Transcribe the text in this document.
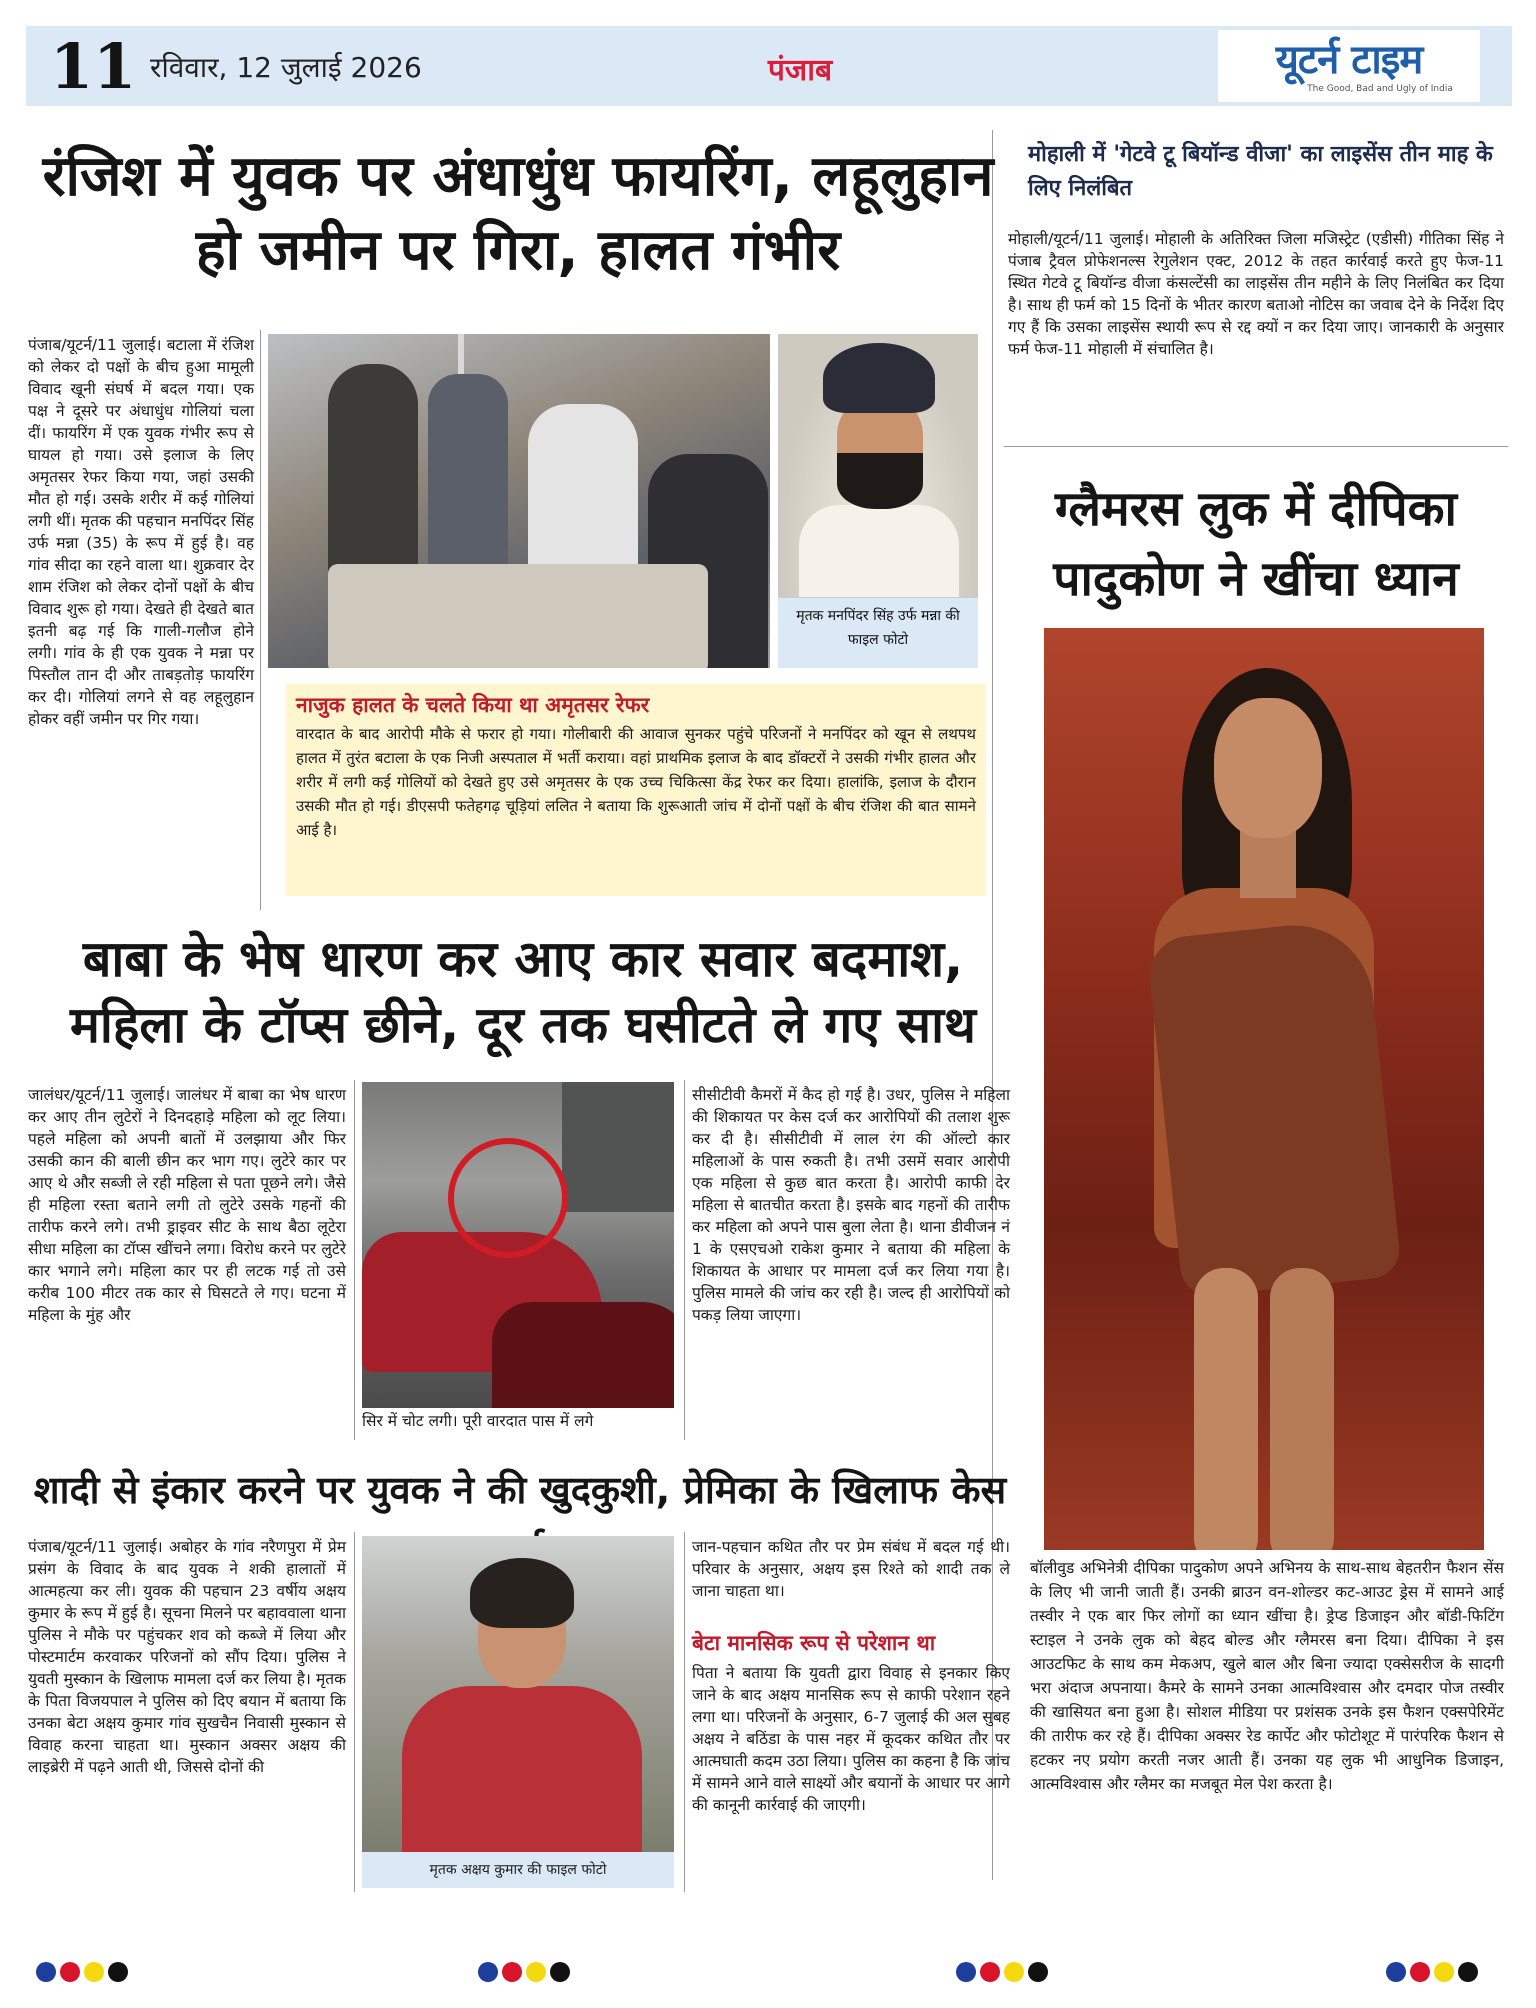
11 रविवार, 12 जुलाई 2026	पंजाब	यूटर्न टाइम
The Good, Bad and Ugly of India
रंजिश में युवक पर अंधाधुंध फायरिंग, लहूलुहान हो जमीन पर गिरा, हालत गंभीर
पंजाब/यूटर्न/11 जुलाई। बटाला में रंजिश को लेकर दो पक्षों के बीच हुआ मामूली विवाद खूनी संघर्ष में बदल गया। एक पक्ष ने दूसरे पर अंधाधुंध गोलियां चला दीं। फायरिंग में एक युवक गंभीर रूप से घायल हो गया। उसे इलाज के लिए अमृतसर रेफर किया गया, जहां उसकी मौत हो गई। उसके शरीर में कई गोलियां लगी थीं। मृतक की पहचान मनपिंदर सिंह उर्फ मन्ना (35) के रूप में हुई है। वह गांव सीदा का रहने वाला था। शुक्रवार देर शाम रंजिश को लेकर दोनों पक्षों के बीच विवाद शुरू हो गया। देखते ही देखते बात इतनी बढ़ गई कि गाली-गलौज होने लगी। गांव के ही एक युवक ने मन्ना पर पिस्तौल तान दी और ताबड़तोड़ फायरिंग कर दी। गोलियां लगने से वह लहूलुहान होकर वहीं जमीन पर गिर गया।
मृतक मनपिंदर सिंह उर्फ मन्ना की फाइल फोटो
नाजुक हालत के चलते किया था अमृतसर रेफर
वारदात के बाद आरोपी मौके से फरार हो गया। गोलीबारी की आवाज सुनकर पहुंचे परिजनों ने मनपिंदर को खून से लथपथ हालत में तुरंत बटाला के एक निजी अस्पताल में भर्ती कराया। वहां प्राथमिक इलाज के बाद डॉक्टरों ने उसकी गंभीर हालत और शरीर में लगी कई गोलियों को देखते हुए उसे अमृतसर के एक उच्च चिकित्सा केंद्र रेफर कर दिया। हालांकि, इलाज के दौरान उसकी मौत हो गई। डीएसपी फतेहगढ़ चूड़ियां ललित ने बताया कि शुरूआती जांच में दोनों पक्षों के बीच रंजिश की बात सामने आई है।
मोहाली में 'गेटवे टू बियॉन्ड वीजा' का लाइसेंस तीन माह के लिए निलंबित
मोहाली/यूटर्न/11 जुलाई। मोहाली के अतिरिक्त जिला मजिस्ट्रेट (एडीसी) गीतिका सिंह ने पंजाब ट्रैवल प्रोफेशनल्स रेगुलेशन एक्ट, 2012 के तहत कार्रवाई करते हुए फेज-11 स्थित गेटवे टू बियॉन्ड वीजा कंसल्टेंसी का लाइसेंस तीन महीने के लिए निलंबित कर दिया है। साथ ही फर्म को 15 दिनों के भीतर कारण बताओ नोटिस का जवाब देने के निर्देश दिए गए हैं कि उसका लाइसेंस स्थायी रूप से रद्द क्यों न कर दिया जाए। जानकारी के अनुसार फर्म फेज-11 मोहाली में संचालित है।
ग्लैमरस लुक में दीपिका पादुकोण ने खींचा ध्यान
बॉलीवुड अभिनेत्री दीपिका पादुकोण अपने अभिनय के साथ-साथ बेहतरीन फैशन सेंस के लिए भी जानी जाती हैं। उनकी ब्राउन वन-शोल्डर कट-आउट ड्रेस में सामने आई तस्वीर ने एक बार फिर लोगों का ध्यान खींचा है। ड्रेप्ड डिजाइन और बॉडी-फिटिंग स्टाइल ने उनके लुक को बेहद बोल्ड और ग्लैमरस बना दिया। दीपिका ने इस आउटफिट के साथ कम मेकअप, खुले बाल और बिना ज्यादा एक्सेसरीज के सादगी भरा अंदाज अपनाया। कैमरे के सामने उनका आत्मविश्वास और दमदार पोज तस्वीर की खासियत बना हुआ है। सोशल मीडिया पर प्रशंसक उनके इस फैशन एक्सपेरिमेंट की तारीफ कर रहे हैं। दीपिका अक्सर रेड कार्पेट और फोटोशूट में पारंपरिक फैशन से हटकर नए प्रयोग करती नजर आती हैं। उनका यह लुक भी आधुनिक डिजाइन, आत्मविश्वास और ग्लैमर का मजबूत मेल पेश करता है।
बाबा के भेष धारण कर आए कार सवार बदमाश, महिला के टॉप्स छीने, दूर तक घसीटते ले गए साथ
जालंधर/यूटर्न/11 जुलाई। जालंधर में बाबा का भेष धारण कर आए तीन लुटेरों ने दिनदहाड़े महिला को लूट लिया। पहले महिला को अपनी बातों में उलझाया और फिर उसकी कान की बाली छीन कर भाग गए। लुटेरे कार पर आए थे और सब्जी ले रही महिला से पता पूछने लगे। जैसे ही महिला रस्ता बताने लगी तो लुटेरे उसके गहनों की तारीफ करने लगे। तभी ड्राइवर सीट के साथ बैठा लूटेरा सीधा महिला का टॉप्स खींचने लगा। विरोध करने पर लुटेरे कार भगाने लगे। महिला कार पर ही लटक गई तो उसे करीब 100 मीटर तक कार से घिसटते ले गए। घटना में महिला के मुंह और
सिर में चोट लगी। पूरी वारदात पास में लगे
सीसीटीवी कैमरों में कैद हो गई है। उधर, पुलिस ने महिला की शिकायत पर केस दर्ज कर आरोपियों की तलाश शुरू कर दी है। सीसीटीवी में लाल रंग की ऑल्टो कार महिलाओं के पास रुकती है। तभी उसमें सवार आरोपी एक महिला से कुछ बात करता है। आरोपी काफी देर महिला से बातचीत करता है। इसके बाद गहनों की तारीफ कर महिला को अपने पास बुला लेता है। थाना डीवीजन नं 1 के एसएचओ राकेश कुमार ने बताया की महिला के शिकायत के आधार पर मामला दर्ज कर लिया गया है। पुलिस मामले की जांच कर रही है। जल्द ही आरोपियों को पकड़ लिया जाएगा।
शादी से इंकार करने पर युवक ने की खुदकुशी, प्रेमिका के खिलाफ केस
पंजाब/यूटर्न/11 जुलाई। अबोहर के गांव नरैणपुरा में प्रेम प्रसंग के विवाद के बाद युवक ने शकी हालातों में आत्महत्या कर ली। युवक की पहचान 23 वर्षीय अक्षय कुमार के रूप में हुई है। सूचना मिलने पर बहाववाला थाना पुलिस ने मौके पर पहुंचकर शव को कब्जे में लिया और पोस्टमार्टम करवाकर परिजनों को सौंप दिया। पुलिस ने युवती मुस्कान के खिलाफ मामला दर्ज कर लिया है। मृतक के पिता विजयपाल ने पुलिस को दिए बयान में बताया कि उनका बेटा अक्षय कुमार गांव सुखचैन निवासी मुस्कान से विवाह करना चाहता था। मुस्कान अक्सर अक्षय की लाइब्रेरी में पढ़ने आती थी, जिससे दोनों की
मृतक अक्षय कुमार की फाइल फोटो
जान-पहचान कथित तौर पर प्रेम संबंध में बदल गई थी। परिवार के अनुसार, अक्षय इस रिश्ते को शादी तक ले जाना चाहता था।
बेटा मानसिक रूप से परेशान था
पिता ने बताया कि युवती द्वारा विवाह से इनकार किए जाने के बाद अक्षय मानसिक रूप से काफी परेशान रहने लगा था। परिजनों के अनुसार, 6-7 जुलाई की अल सुबह अक्षय ने बठिंडा के पास नहर में कूदकर कथित तौर पर आत्मघाती कदम उठा लिया। पुलिस का कहना है कि जांच में सामने आने वाले साक्ष्यों और बयानों के आधार पर आगे की कानूनी कार्रवाई की जाएगी।
